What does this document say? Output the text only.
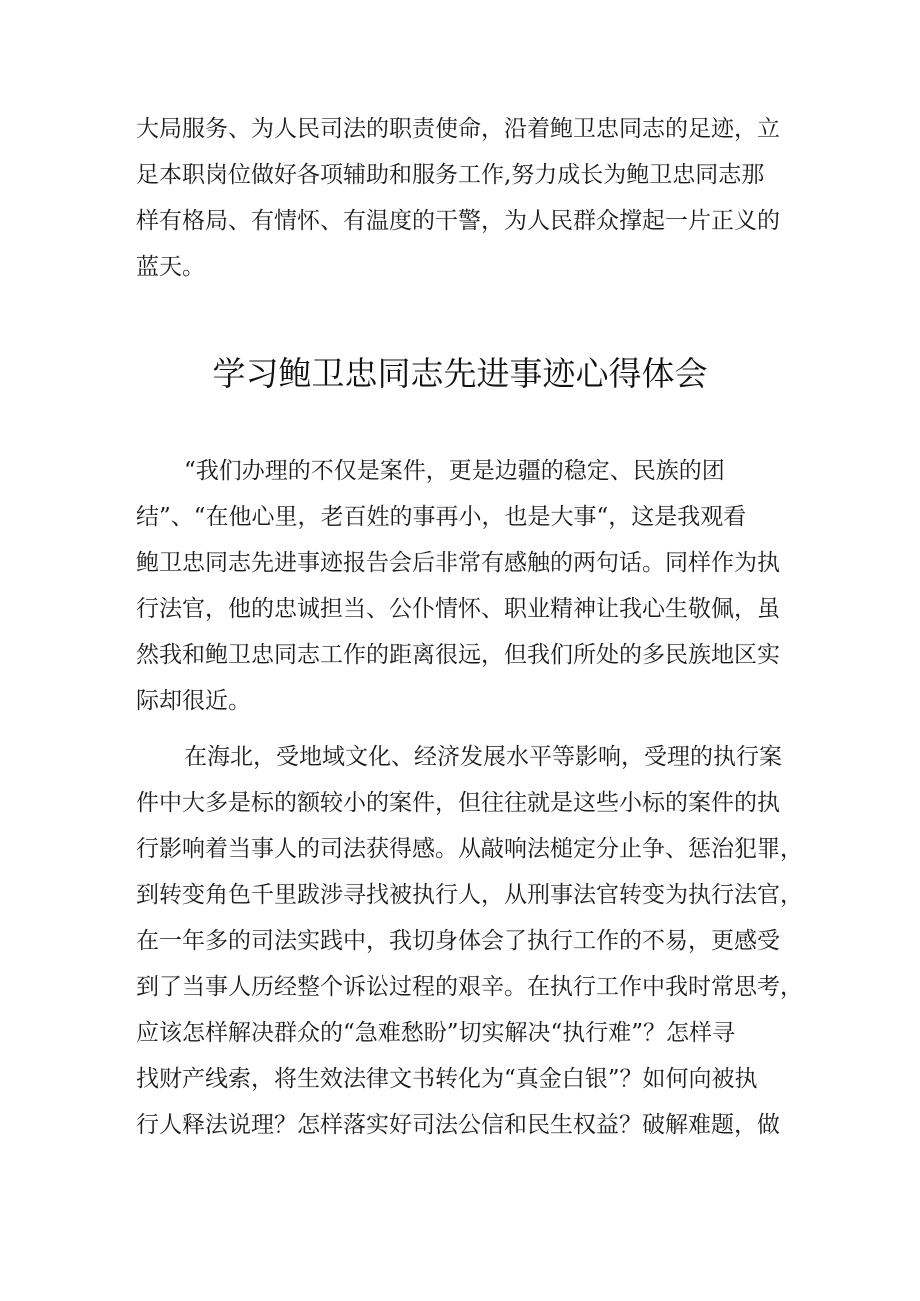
大局服务、为人民司法的职责使命，沿着鲍卫忠同志的足迹，立

足本职岗位做好各项辅助和服务工作,努力成长为鲍卫忠同志那

样有格局、有情怀、有温度的干警，为人民群众撑起一片正义的

蓝天。

学习鲍卫忠同志先进事迹心得体会

“我们办理的不仅是案件，更是边疆的稳定、民族的团

结”、“在他心里，老百姓的事再小，也是大事“，这是我观看

鲍卫忠同志先进事迹报告会后非常有感触的两句话。同样作为执

行法官，他的忠诚担当、公仆情怀、职业精神让我心生敬佩，虽

然我和鲍卫忠同志工作的距离很远，但我们所处的多民族地区实

际却很近。

在海北，受地域文化、经济发展水平等影响，受理的执行案

件中大多是标的额较小的案件，但往往就是这些小标的案件的执

行影响着当事人的司法获得感。从敲响法槌定分止争、惩治犯罪，

到转变角色千里跋涉寻找被执行人，从刑事法官转变为执行法官，

在一年多的司法实践中，我切身体会了执行工作的不易，更感受

到了当事人历经整个诉讼过程的艰辛。在执行工作中我时常思考，

应该怎样解决群众的“急难愁盼”切实解决“执行难”？怎样寻

找财产线索，将生效法律文书转化为“真金白银”？如何向被执

行人释法说理？怎样落实好司法公信和民生权益？破解难题，做
